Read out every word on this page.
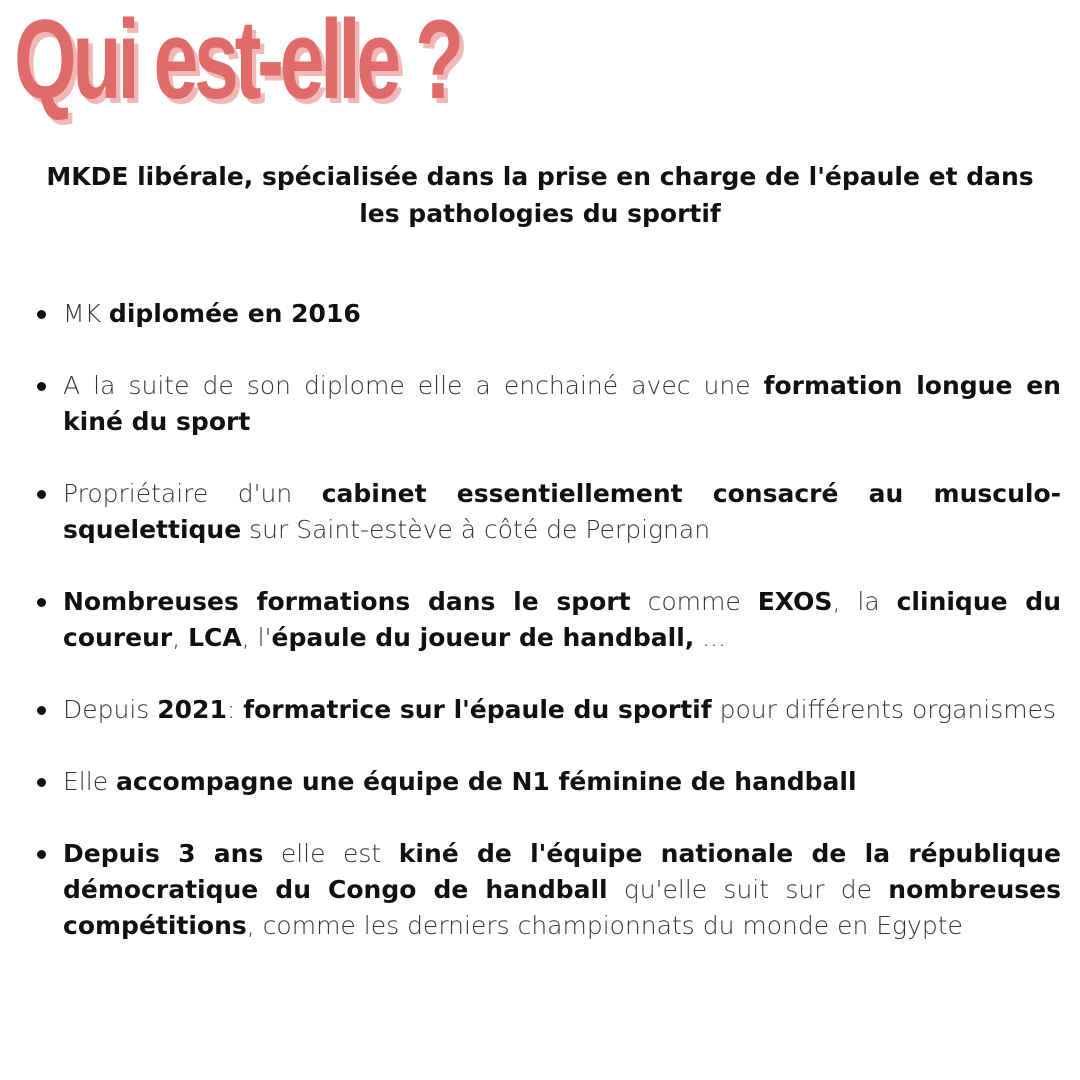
Qui est-elle ?

MKDE libérale, spécialisée dans la prise en charge de l'épaule et dans les pathologies du sportif

MK diplomée en 2016
A la suite de son diplome elle a enchainé avec une formation longue en kiné du sport
Propriétaire d'un cabinet essentiellement consacré au musculo-squelettique sur Saint-estève à côté de Perpignan
Nombreuses formations dans le sport comme EXOS, la clinique du coureur, LCA, l'épaule du joueur de handball, ...
Depuis 2021: formatrice sur l'épaule du sportif pour différents organismes
Elle accompagne une équipe de N1 féminine de handball
Depuis 3 ans elle est kiné de l'équipe nationale de la république démocratique du Congo de handball qu'elle suit sur de nombreuses compétitions, comme les derniers championnats du monde en Egypte
